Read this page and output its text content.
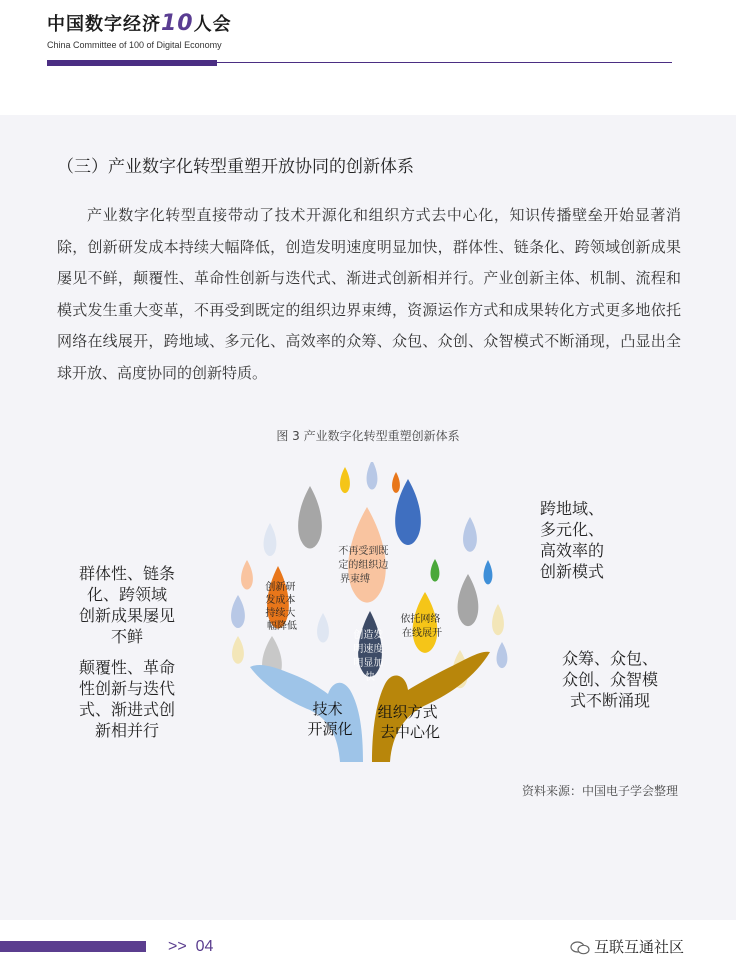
中国数字经济10人会
China Committee of 100 of Digital Economy
（三）产业数字化转型重塑开放协同的创新体系

产业数字化转型直接带动了技术开源化和组织方式去中心化，知识传播壁垒开始显著消除，创新研发成本持续大幅降低，创造发明速度明显加快，群体性、链条化、跨领域创新成果屡见不鲜，颠覆性、革命性创新与迭代式、渐进式创新相并行。产业创新主体、机制、流程和模式发生重大变革，不再受到既定的组织边界束缚，资源运作方式和成果转化方式更多地依托网络在线展开，跨地域、多元化、高效率的众筹、众包、众创、众智模式不断涌现，凸显出全球开放、高度协同的创新特质。

图 3 产业数字化转型重塑创新体系
群体性、链条
化、跨领域
创新成果屡见
不鲜
颠覆性、革命
性创新与迭代
式、渐进式创
新相并行
跨地域、
多元化、
高效率的
创新模式
众筹、众包、
众创、众智模
式不断涌现
不再受到既 定的组织边 界束缚
创新研 发成本 持续大 幅降低
创造发 明速度 明显加 快
依托网络 在线展开
技术 开源化
组织方式 去中心化
资料来源：中国电子学会整理
>> 04	互联互通社区
